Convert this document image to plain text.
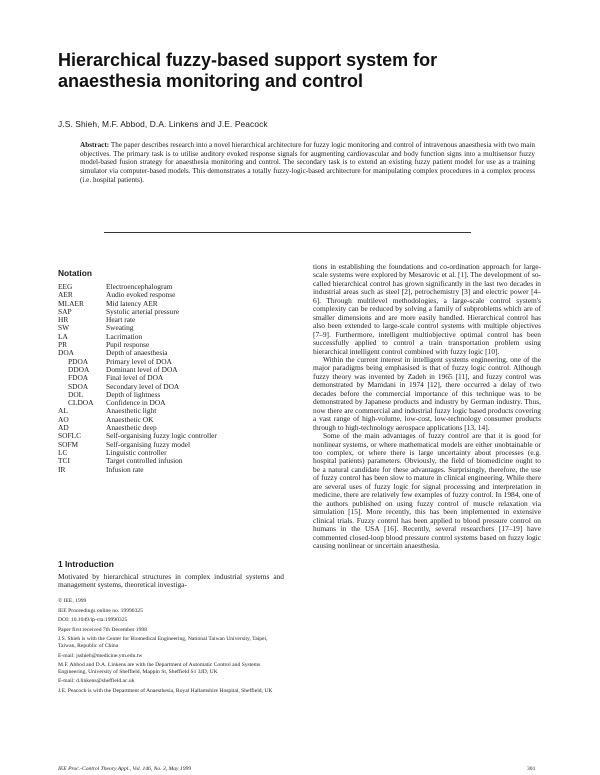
Hierarchical fuzzy-based support system for anaesthesia monitoring and control
J.S. Shieh, M.F. Abbod, D.A. Linkens and J.E. Peacock
Abstract: The paper describes research into a novel hierarchical architecture for fuzzy logic monitoring and control of intravenous anaesthesia with two main objectives. The primary task is to utilise auditory evoked response signals for augmenting cardiovascular and body function signs into a multisensor fuzzy model-based fusion strategy for anaesthesia monitoring and control. The secondary task is to extend an existing fuzzy patient model for use as a training simulator via computer-based models. This demonstrates a totally fuzzy-logic-based architecture for manipulating complex procedures in a complex process (i.e. hospital patients).
Notation
EEG	Electroencephalogram
AER	Audio evoked response
MLAER	Mid latency AER
SAP	Systolic arterial pressure
HR	Heart rate
SW	Sweating
LA	Lacrimation
PR	Pupil response
DOA	Depth of anaesthesia
PDOA	Primary level of DOA
DDOA	Dominant level of DOA
FDOA	Final level of DOA
SDOA	Secondary level of DOA
DOL	Depth of lightness
CLDOA	Confidence in DOA
AL	Anaesthetic light
AO	Anaesthetic OK
AD	Anaesthetic deep
SOFLC	Self-organising fuzzy logic controller
SOFM	Self-organising fuzzy model
LC	Linguistic controller
TCI	Target controlled infusion
IR	Infusion rate
1 Introduction
Motivated by hierarchical structures in complex industrial systems and management systems, theoretical investiga-

© IEE, 1999

IEE Proceedings online no. 19990325

DOI: 10.1049/ip-cta:19990325

Paper first received 7th December 1998

J.S. Shieh is with the Center for Biomedical Engineering, National Taiwan University, Taipei, Taiwan, Republic of China

E-mail: jsshieh@medicine.ym.edu.tw

M.F. Abbod and D.A. Linkens are with the Department of Automatic Control and Systems Engineering, University of Sheffield, Mappin St, Sheffield S1 3JD, UK

E-mail: d.linkens@sheffield.ac.uk

J.E. Peacock is with the Department of Anaesthesia, Royal Hallamshire Hospital, Sheffield, UK

tions in establishing the foundations and co-ordination approach for large-scale systems were explored by Mesarovic et al. [1]. The development of so-called hierarchical control has grown significantly in the last two decades in industrial areas such as steel [2], petrochemistry [3] and electric power [4–6]. Through multilevel methodologies, a large-scale control system's complexity can be reduced by solving a family of subproblems which are of smaller dimensions and are more easily handled. Hierarchical control has also been extended to large-scale control systems with multiple objectives [7–9]. Furthermore, intelligent multiobjective optimal control has been successfully applied to control a train transportation problem using hierarchical intelligent control combined with fuzzy logic [10].

Within the current interest in intelligent systems engineering, one of the major paradigms being emphasised is that of fuzzy logic control. Although fuzzy theory was invented by Zadeh in 1965 [11], and fuzzy control was demonstrated by Mamdani in 1974 [12], there occurred a delay of two decades before the commercial importance of this technique was to be demonstrated by Japanese products and industry by German industry. Thus, now there are commercial and industrial fuzzy logic based products covering a vast range of high-volume, low-cost, low-technology consumer products through to high-technology aerospace applications [13, 14].

Some of the main advantages of fuzzy control are that it is good for nonlinear systems, or where mathematical models are either unobtainable or too complex, or where there is large uncertainty about processes (e.g. hospital patients) parameters. Obviously, the field of biomedicine ought to be a natural candidate for these advantages. Surprisingly, therefore, the use of fuzzy control has been slow to mature in clinical engineering. While there are several uses of fuzzy logic for signal processing and interpretation in medicine, there are relatively few examples of fuzzy control. In 1984, one of the authors published on using fuzzy control of muscle relaxation via simulation [15]. More recently, this has been implemented in extensive clinical trials. Fuzzy control has been applied to blood pressure control on humans in the USA [16]. Recently, several researchers [17–19] have commented closed-loop blood pressure control systems based on fuzzy logic causing nonlinear or uncertain anaesthesia.

IEE Proc.-Control Theory Appl., Vol. 146, No. 3, May 1999	301
